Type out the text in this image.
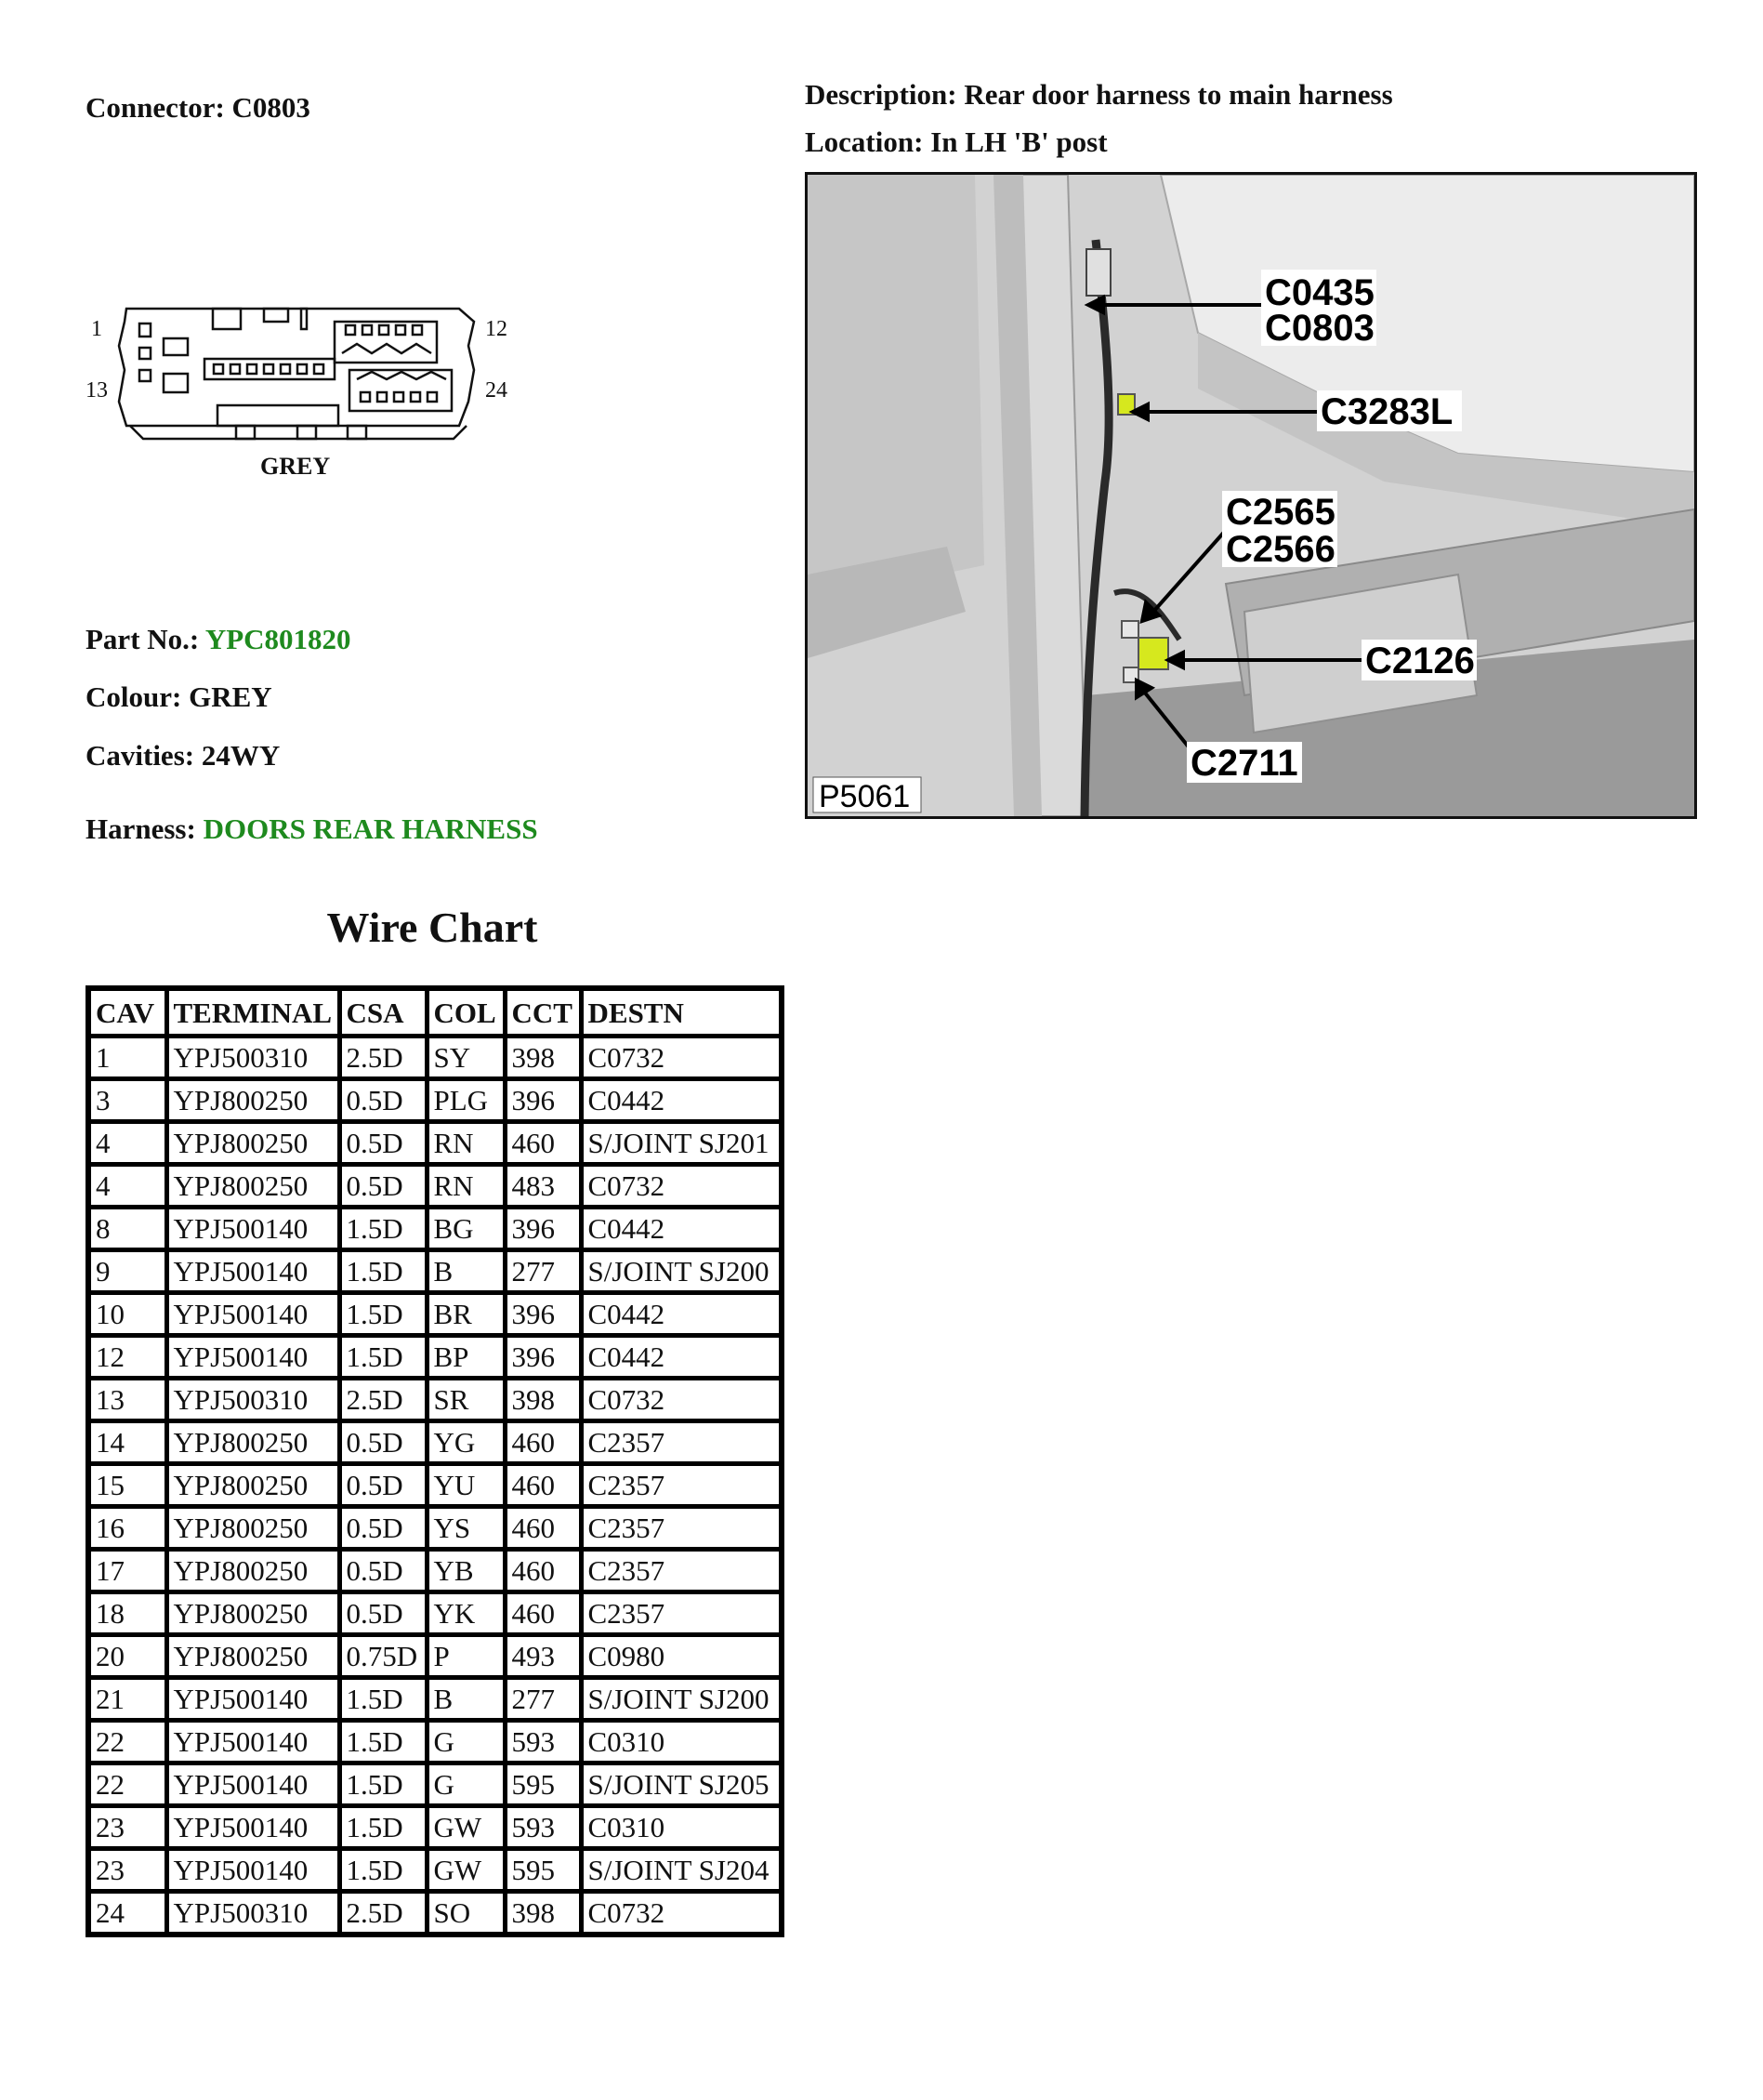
Connector: C0803	Description: Rear door harness to main harness
Location: In LH 'B' post
1	12
13	24
GREY
C0435
C0803
C3283L
C2565
C2566
C2126
C2711
P5061
Part No.: YPC801820
Colour: GREY
Cavities: 24WY
Harness: DOORS REAR HARNESS
Wire Chart
CAV	TERMINAL	CSA	COL	CCT	DESTN
1	YPJ500310	2.5D	SY	398	C0732
3	YPJ800250	0.5D	PLG	396	C0442
4	YPJ800250	0.5D	RN	460	S/JOINT SJ201
4	YPJ800250	0.5D	RN	483	C0732
8	YPJ500140	1.5D	BG	396	C0442
9	YPJ500140	1.5D	B	277	S/JOINT SJ200
10	YPJ500140	1.5D	BR	396	C0442
12	YPJ500140	1.5D	BP	396	C0442
13	YPJ500310	2.5D	SR	398	C0732
14	YPJ800250	0.5D	YG	460	C2357
15	YPJ800250	0.5D	YU	460	C2357
16	YPJ800250	0.5D	YS	460	C2357
17	YPJ800250	0.5D	YB	460	C2357
18	YPJ800250	0.5D	YK	460	C2357
20	YPJ800250	0.75D	P	493	C0980
21	YPJ500140	1.5D	B	277	S/JOINT SJ200
22	YPJ500140	1.5D	G	593	C0310
22	YPJ500140	1.5D	G	595	S/JOINT SJ205
23	YPJ500140	1.5D	GW	593	C0310
23	YPJ500140	1.5D	GW	595	S/JOINT SJ204
24	YPJ500310	2.5D	SO	398	C0732
